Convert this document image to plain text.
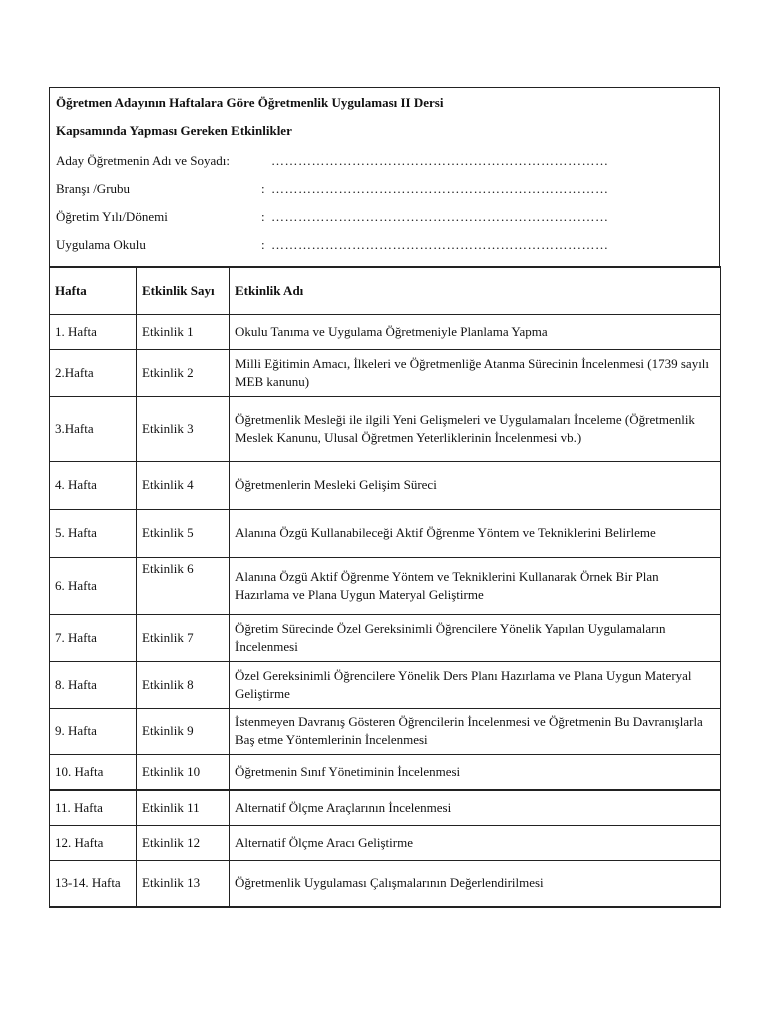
Öğretmen Adayının Haftalara Göre Öğretmenlik Uygulaması II Dersi
Kapsamında Yapması Gereken Etkinlikler
Aday Öğretmenin Adı ve Soyadı:	…………………………………………………………………
Branşı /Grubu	: …………………………………………………………………
Öğretim Yılı/Dönemi	: …………………………………………………………………
Uygulama Okulu	: …………………………………………………………………
Hafta	Etkinlik Sayı	Etkinlik Adı
1. Hafta	Etkinlik 1	Okulu Tanıma ve Uygulama Öğretmeniyle Planlama Yapma
2.Hafta	Etkinlik 2	Milli Eğitimin Amacı, İlkeleri ve Öğretmenliğe Atanma Sürecinin İncelenmesi (1739 sayılı MEB kanunu)
3.Hafta	Etkinlik 3	Öğretmenlik Mesleği ile ilgili Yeni Gelişmeleri ve Uygulamaları İnceleme (Öğretmenlik Meslek Kanunu, Ulusal Öğretmen Yeterliklerinin İncelenmesi vb.)
4. Hafta	Etkinlik 4	Öğretmenlerin Mesleki Gelişim Süreci
5. Hafta	Etkinlik 5	Alanına Özgü Kullanabileceği Aktif Öğrenme Yöntem ve Tekniklerini Belirleme
6. Hafta	Etkinlik 6	Alanına Özgü Aktif Öğrenme Yöntem ve Tekniklerini Kullanarak Örnek Bir Plan Hazırlama ve Plana Uygun Materyal Geliştirme
7. Hafta	Etkinlik 7	Öğretim Sürecinde Özel Gereksinimli Öğrencilere Yönelik Yapılan Uygulamaların İncelenmesi
8. Hafta	Etkinlik 8	Özel Gereksinimli Öğrencilere Yönelik Ders Planı Hazırlama ve Plana Uygun Materyal Geliştirme
9. Hafta	Etkinlik 9	İstenmeyen Davranış Gösteren Öğrencilerin İncelenmesi ve Öğretmenin Bu Davranışlarla Baş etme Yöntemlerinin İncelenmesi
10. Hafta	Etkinlik 10	Öğretmenin Sınıf Yönetiminin İncelenmesi
11. Hafta	Etkinlik 11	Alternatif Ölçme Araçlarının İncelenmesi
12. Hafta	Etkinlik 12	Alternatif Ölçme Aracı Geliştirme
13-14. Hafta	Etkinlik 13	Öğretmenlik Uygulaması Çalışmalarının Değerlendirilmesi
